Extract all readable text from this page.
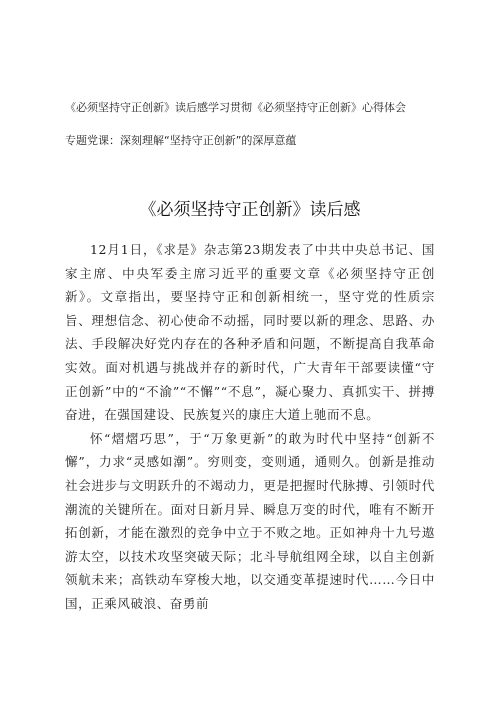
《必须坚持守正创新》读后感学习贯彻《必须坚持守正创新》心得体会
专题党课：深刻理解“坚持守正创新”的深厚意蕴
《必须坚持守正创新》读后感

12月1日，《求是》杂志第23期发表了中共中央总书记、国家主席、中央军委主席习近平的重要文章《必须坚持守正创新》。文章指出，要坚持守正和创新相统一，坚守党的性质宗旨、理想信念、初心使命不动摇，同时要以新的理念、思路、办法、手段解决好党内存在的各种矛盾和问题，不断提高自我革命实效。面对机遇与挑战并存的新时代，广大青年干部要读懂“守正创新”中的“不渝”“不懈”“不息”，凝心聚力、真抓实干、拼搏奋进，在强国建设、民族复兴的康庄大道上驰而不息。

怀“熠熠巧思”，于“万象更新”的敢为时代中坚持“创新不懈”，力求“灵感如潮”。穷则变，变则通，通则久。创新是推动社会进步与文明跃升的不竭动力，更是把握时代脉搏、引领时代潮流的关键所在。面对日新月异、瞬息万变的时代，唯有不断开拓创新，才能在激烈的竞争中立于不败之地。正如神舟十九号遨游太空，以技术攻坚突破天际；北斗导航组网全球，以自主创新领航未来；高铁动车穿梭大地，以交通变革提速时代……今日中国，正乘风破浪、奋勇前
